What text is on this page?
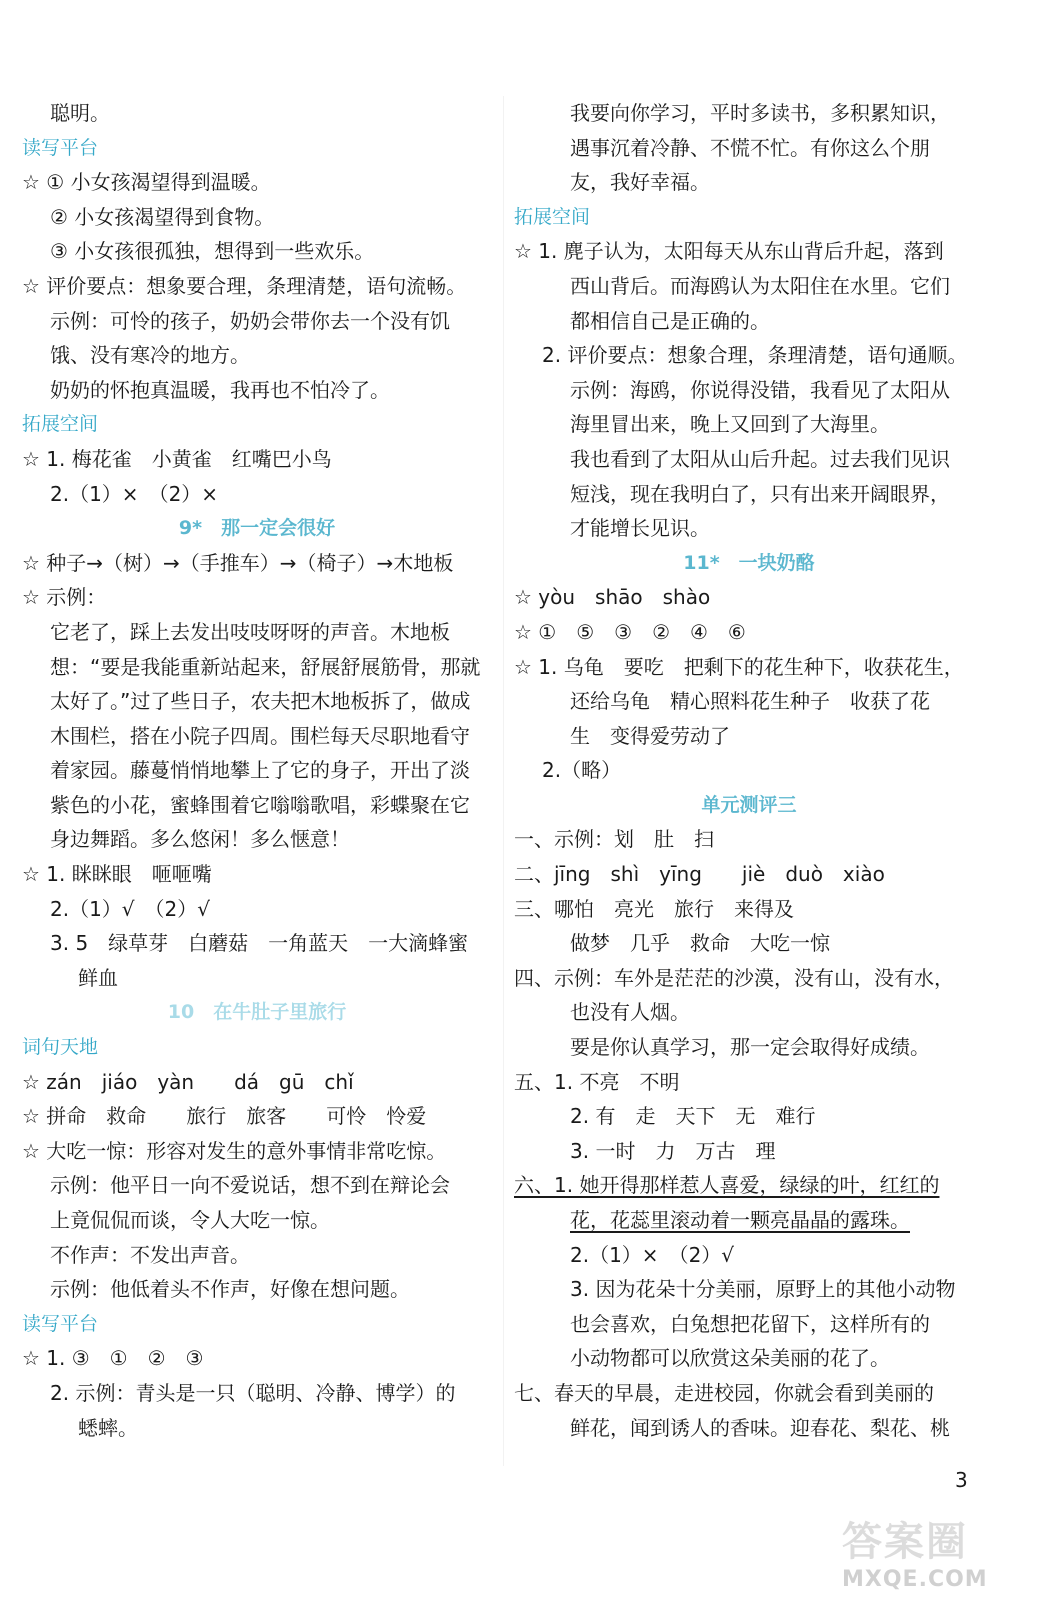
聪明。
读写平台
☆ ① 小女孩渴望得到温暖。
② 小女孩渴望得到食物。
③ 小女孩很孤独，想得到一些欢乐。
☆ 评价要点：想象要合理，条理清楚，语句流畅。
示例：可怜的孩子，奶奶会带你去一个没有饥
饿、没有寒冷的地方。
奶奶的怀抱真温暖，我再也不怕冷了。
拓展空间
☆ 1. 梅花雀　小黄雀　红嘴巴小鸟
2.（1）×　（2）×
9*　那一定会很好
☆ 种子→（树）→（手推车）→（椅子）→木地板
☆ 示例：
它老了，踩上去发出吱吱呀呀的声音。木地板
想：“要是我能重新站起来，舒展舒展筋骨，那就
太好了。”过了些日子，农夫把木地板拆了，做成
木围栏，搭在小院子四周。围栏每天尽职地看守
着家园。藤蔓悄悄地攀上了它的身子，开出了淡
紫色的小花，蜜蜂围着它嗡嗡歌唱，彩蝶聚在它
身边舞蹈。多么悠闲！多么惬意！
☆ 1. 眯眯眼　咂咂嘴
2.（1）√　（2）√
3. 5　绿草芽　白蘑菇　一角蓝天　一大滴蜂蜜
鲜血
10　在牛肚子里旅行
词句天地
☆ zán　jiáo　yàn　　dá　gū　chǐ
☆ 拼命　救命　　旅行　旅客　　可怜　怜爱
☆ 大吃一惊：形容对发生的意外事情非常吃惊。
示例：他平日一向不爱说话，想不到在辩论会
上竟侃侃而谈，令人大吃一惊。
不作声：不发出声音。
示例：他低着头不作声，好像在想问题。
读写平台
☆ 1. ③　①　②　③
2. 示例：青头是一只（聪明、冷静、博学）的
蟋蟀。
我要向你学习，平时多读书，多积累知识，
遇事沉着冷静、不慌不忙。有你这么个朋
友，我好幸福。
拓展空间
☆ 1. 麂子认为，太阳每天从东山背后升起，落到
西山背后。而海鸥认为太阳住在水里。它们
都相信自己是正确的。
2. 评价要点：想象合理，条理清楚，语句通顺。
示例：海鸥，你说得没错，我看见了太阳从
海里冒出来，晚上又回到了大海里。
我也看到了太阳从山后升起。过去我们见识
短浅，现在我明白了，只有出来开阔眼界，
才能增长见识。
11*　一块奶酪
☆ yòu　shāo　shào
☆ ①　⑤　③　②　④　⑥
☆ 1. 乌龟　要吃　把剩下的花生种下，收获花生，
还给乌龟　精心照料花生种子　收获了花
生　变得爱劳动了
2.（略）
单元测评三
一、示例：划　肚　扫
二、jīng　shì　yīng　　jiè　duò　xiào
三、哪怕　亮光　旅行　来得及
做梦　几乎　救命　大吃一惊
四、示例：车外是茫茫的沙漠，没有山，没有水，
也没有人烟。
要是你认真学习，那一定会取得好成绩。
五、1. 不亮　不明
2. 有　走　天下　无　难行
3. 一时　力　万古　理
六、1. 她开得那样惹人喜爱，绿绿的叶，红红的
花，花蕊里滚动着一颗亮晶晶的露珠。
2.（1）×　（2）√
3. 因为花朵十分美丽，原野上的其他小动物
也会喜欢，白兔想把花留下，这样所有的
小动物都可以欣赏这朵美丽的花了。
七、春天的早晨，走进校园，你就会看到美丽的
鲜花，闻到诱人的香味。迎春花、梨花、桃
3
答案圈
MXQE.COM
